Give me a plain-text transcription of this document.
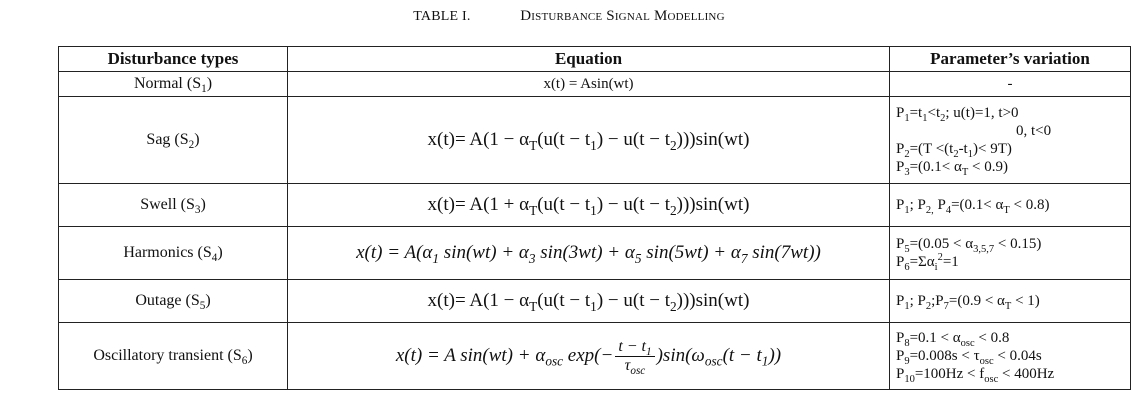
TABLE I.	Disturbance Signal Modelling
Disturbance types	Equation	Parameter’s variation
Normal $(S_1)$	x(t) = Asin(wt)	-
Sag $(S_2)$	$x(t)= A(1 - \alpha_T(u(t - t_1) - u(t - t_2)))\sin(wt)$	$P_1=t_1<t_2$; u(t)=1, t>0
0, t<0
$P_2=(T <(t_2-t_1)< 9T)$
$P_3=(0.1< \alpha_T < 0.9)$
Swell $(S_3)$	$x(t)= A(1 + \alpha_T(u(t - t_1) - u(t - t_2)))\sin(wt)$	$P_1$; $P_{2,}$ $P_4=(0.1< \alpha_T < 0.8)$
Harmonics $(S_4)$	$x(t) = A(\alpha_1$ $\sin(wt) + \alpha_3$ $\sin(3wt) + \alpha_5$ $\sin(5wt) + \alpha_7$ sin(7wt))	$P_5=(0.05 < \alpha_{3,5,7} < 0.15)$
$P_6=\Sigma\alpha_i^2=1$
Outage $(S_5)$	$x(t)= A(1 - \alpha_T(u(t - t_1) - u(t - t_2)))\sin(wt)$	$P_1$; $P_2;P_7=(0.9 < \alpha_T < 1)$
Oscillatory transient $(S_6)$	x(t) = A $\sin(wt) + \alpha_{osc}$ $\exp(- \frac{t - t_1}{\tau_{osc}} )\sin(\omega_{osc}(t - t_1))$	$P_8=0.1 < \alpha_{osc} < 0.8$
$P_9=0.008s < \tau_{osc} < 0.04s$
$P_{10}=100Hz < f_{osc} < 400Hz$
